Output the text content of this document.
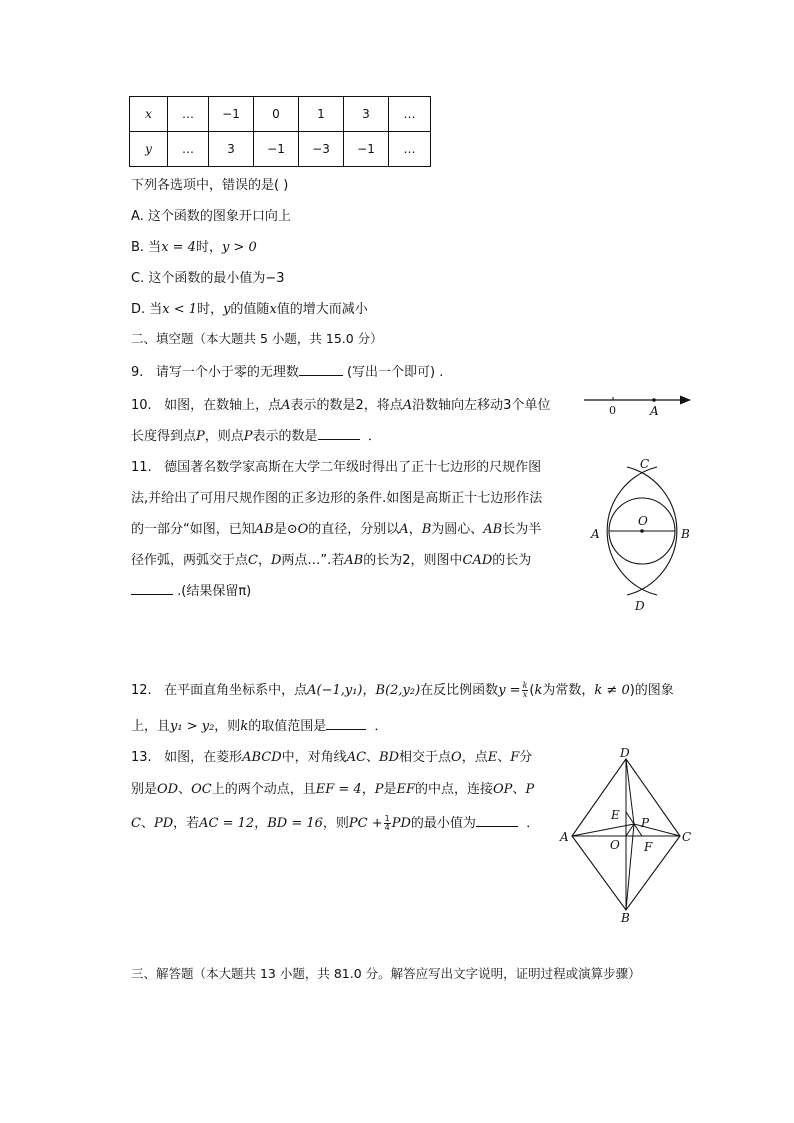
x	…	−1	0	1	3	…
y	…	3	−1	−3	−1	…
下列各选项中，错误的是( )
A. 这个函数的图象开口向上
B. 当x = 4时，y > 0
C. 这个函数的最小值为−3
D. 当x < 1时，y的值随x值的增大而减小
二、填空题（本大题共 5 小题，共 15.0 分）
9. 请写一个小于零的无理数	(写出一个即可) .
10. 如图，在数轴上，点A表示的数是2，将点A沿数轴向左移动3个单位
长度得到点P，则点P表示的数是	．
0	A
11. 德国著名数学家高斯在大学二年级时得出了正十七边形的尺规作图
法,并给出了可用尺规作图的正多边形的条件.如图是高斯正十七边形作法
的一部分“如图，已知AB是⊙O的直径，分别以A，B为圆心、AB长为半
径作弧，两弧交于点C，D两点…”.若AB的长为2，则图中CAD的长为
.(结果保留π)
C
O
A	B
D
12. 在平面直角坐标系中，点A(−1,y₁)，B(2,y₂)在反比例函数$y = \frac{k}{x} (k$为常数，k ≠ 0)的图象
上，且y₁ > y₂，则k的取值范围是	．
13. 如图，在菱形ABCD中，对角线AC、BD相交于点O，点E、F分
别是OD、OC上的两个动点，且EF = 4，P是EF的中点，连接OP、P
C、PD，若AC = 12，BD = 16，则PC + $\frac{1}{4}$ PD的最小值为	．
D
A	C
B
E
P
O F
三、解答题（本大题共 13 小题，共 81.0 分。解答应写出文字说明，证明过程或演算步骤）
